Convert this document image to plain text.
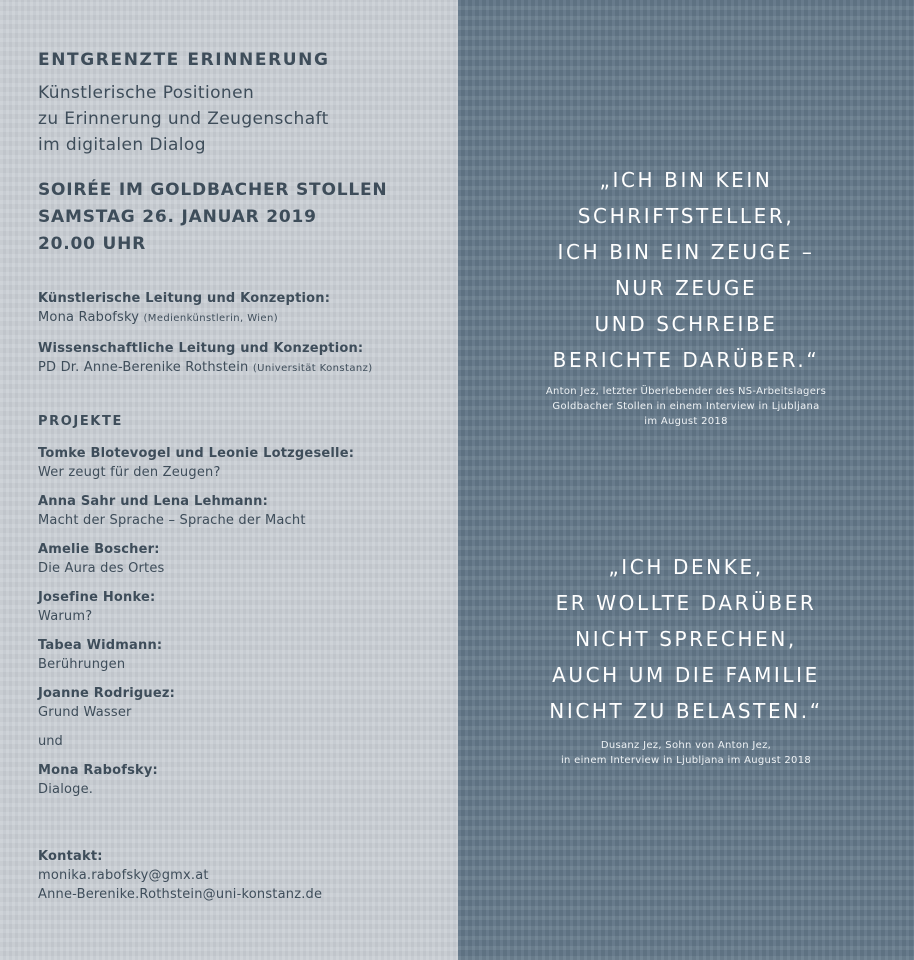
ENTGRENZTE ERINNERUNG
Künstlerische Positionen
zu Erinnerung und Zeugenschaft
im digitalen Dialog
SOIRÉE IM GOLDBACHER STOLLEN
SAMSTAG 26. JANUAR 2019
20.00 UHR
Künstlerische Leitung und Konzeption:
Mona Rabofsky (Medienkünstlerin, Wien)
Wissenschaftliche Leitung und Konzeption:
PD Dr. Anne-Berenike Rothstein (Universität Konstanz)
PROJEKTE
Tomke Blotevogel und Leonie Lotzgeselle:
Wer zeugt für den Zeugen?
Anna Sahr und Lena Lehmann:
Macht der Sprache – Sprache der Macht
Amelie Boscher:
Die Aura des Ortes
Josefine Honke:
Warum?
Tabea Widmann:
Berührungen
Joanne Rodriguez:
Grund Wasser
und
Mona Rabofsky:
Dialoge.
Kontakt:
monika.rabofsky@gmx.at
Anne-Berenike.Rothstein@uni-konstanz.de
„ICH BIN KEIN
SCHRIFTSTELLER,
ICH BIN EIN ZEUGE –
NUR ZEUGE
UND SCHREIBE
BERICHTE DARÜBER.“
Anton Jez, letzter Überlebender des NS-Arbeitslagers
Goldbacher Stollen in einem Interview in Ljubljana
im August 2018
„ICH DENKE,
ER WOLLTE DARÜBER
NICHT SPRECHEN,
AUCH UM DIE FAMILIE
NICHT ZU BELASTEN.“
Dusanz Jez, Sohn von Anton Jez,
in einem Interview in Ljubljana im August 2018
